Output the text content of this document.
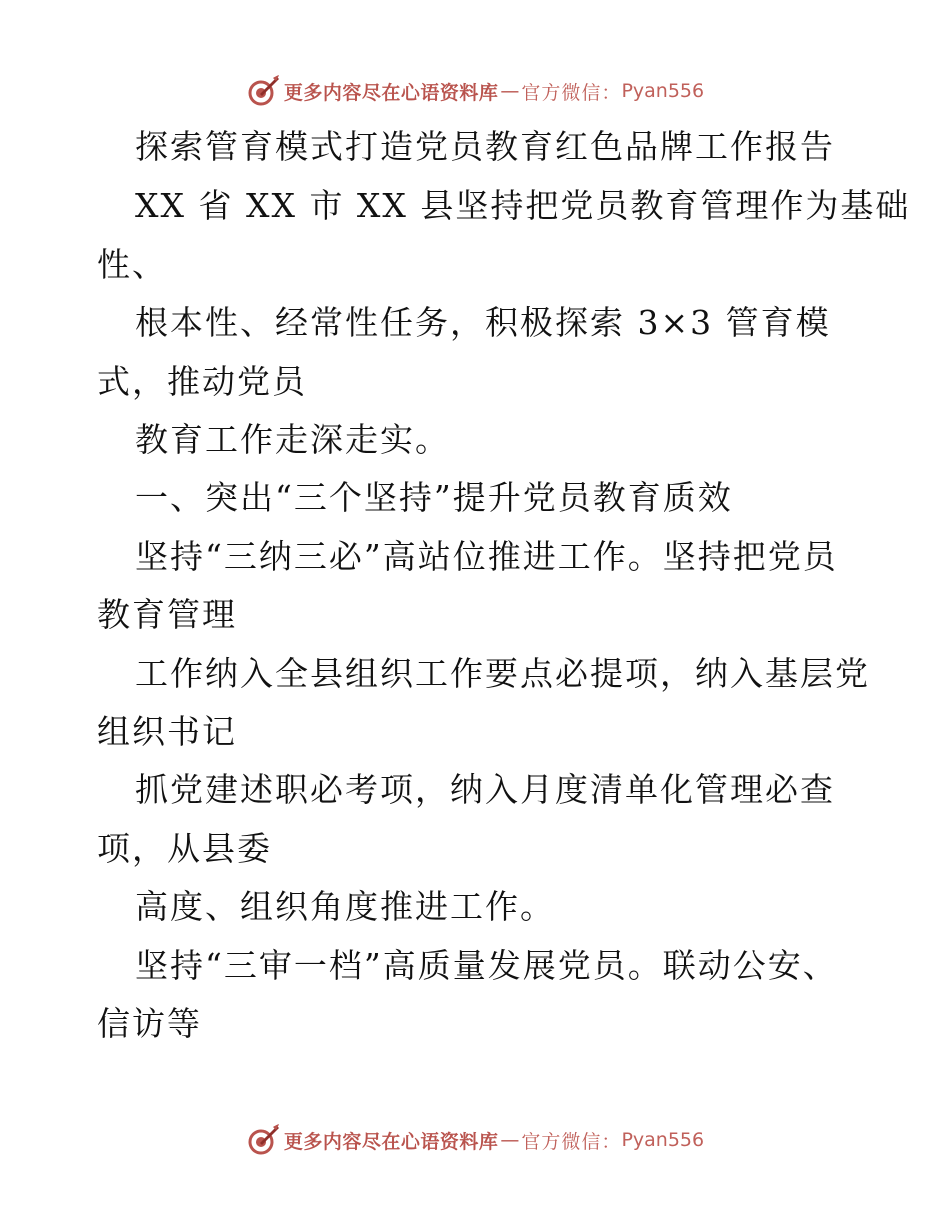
更多内容尽在心语资料库 — 官方微信： Pyan556
探索管育模式打造党员教育红色品牌工作报告
XX 省 XX 市 XX 县坚持把党员教育管理作为基础
性、
根本性、经常性任务，积极探索 3×3 管育模
式，推动党员
教育工作走深走实。
一、突出“三个坚持”提升党员教育质效
坚持“三纳三必”高站位推进工作。坚持把党员
教育管理
工作纳入全县组织工作要点必提项，纳入基层党
组织书记
抓党建述职必考项，纳入月度清单化管理必查
项，从县委
高度、组织角度推进工作。
坚持“三审一档”高质量发展党员。联动公安、
信访等
更多内容尽在心语资料库 — 官方微信： Pyan556
